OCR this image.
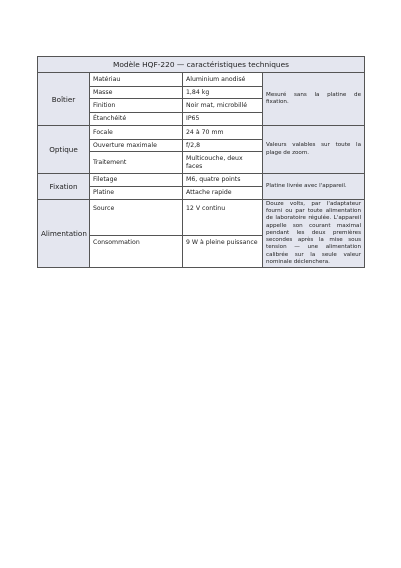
Modèle HQF-220 — caractéristiques techniques			
Boîtier	Matériau	Aluminium anodisé	Mesuré sans la platine de fixation.
	Masse	1,84 kg	
	Finition	Noir mat, microbillé	
	Étanchéité	IP65	
Optique	Focale	24 à 70 mm	Valeurs valables sur toute la plage de zoom.
	Ouverture maximale	f/2,8	
	Traitement	Multicouche, deux faces	
Fixation	Filetage	M6, quatre points	Platine livrée avec l'appareil.
	Platine	Attache rapide	
Alimentation	Source	12 V continu	Douze volts, par l'adaptateur fourni ou par toute alimentation de laboratoire régulée. L'appareil appelle son courant maximal pendant les deux premières secondes après la mise sous tension — une alimentation calibrée sur la seule valeur nominale déclenchera.
	Consommation	9 W à pleine puissance	
